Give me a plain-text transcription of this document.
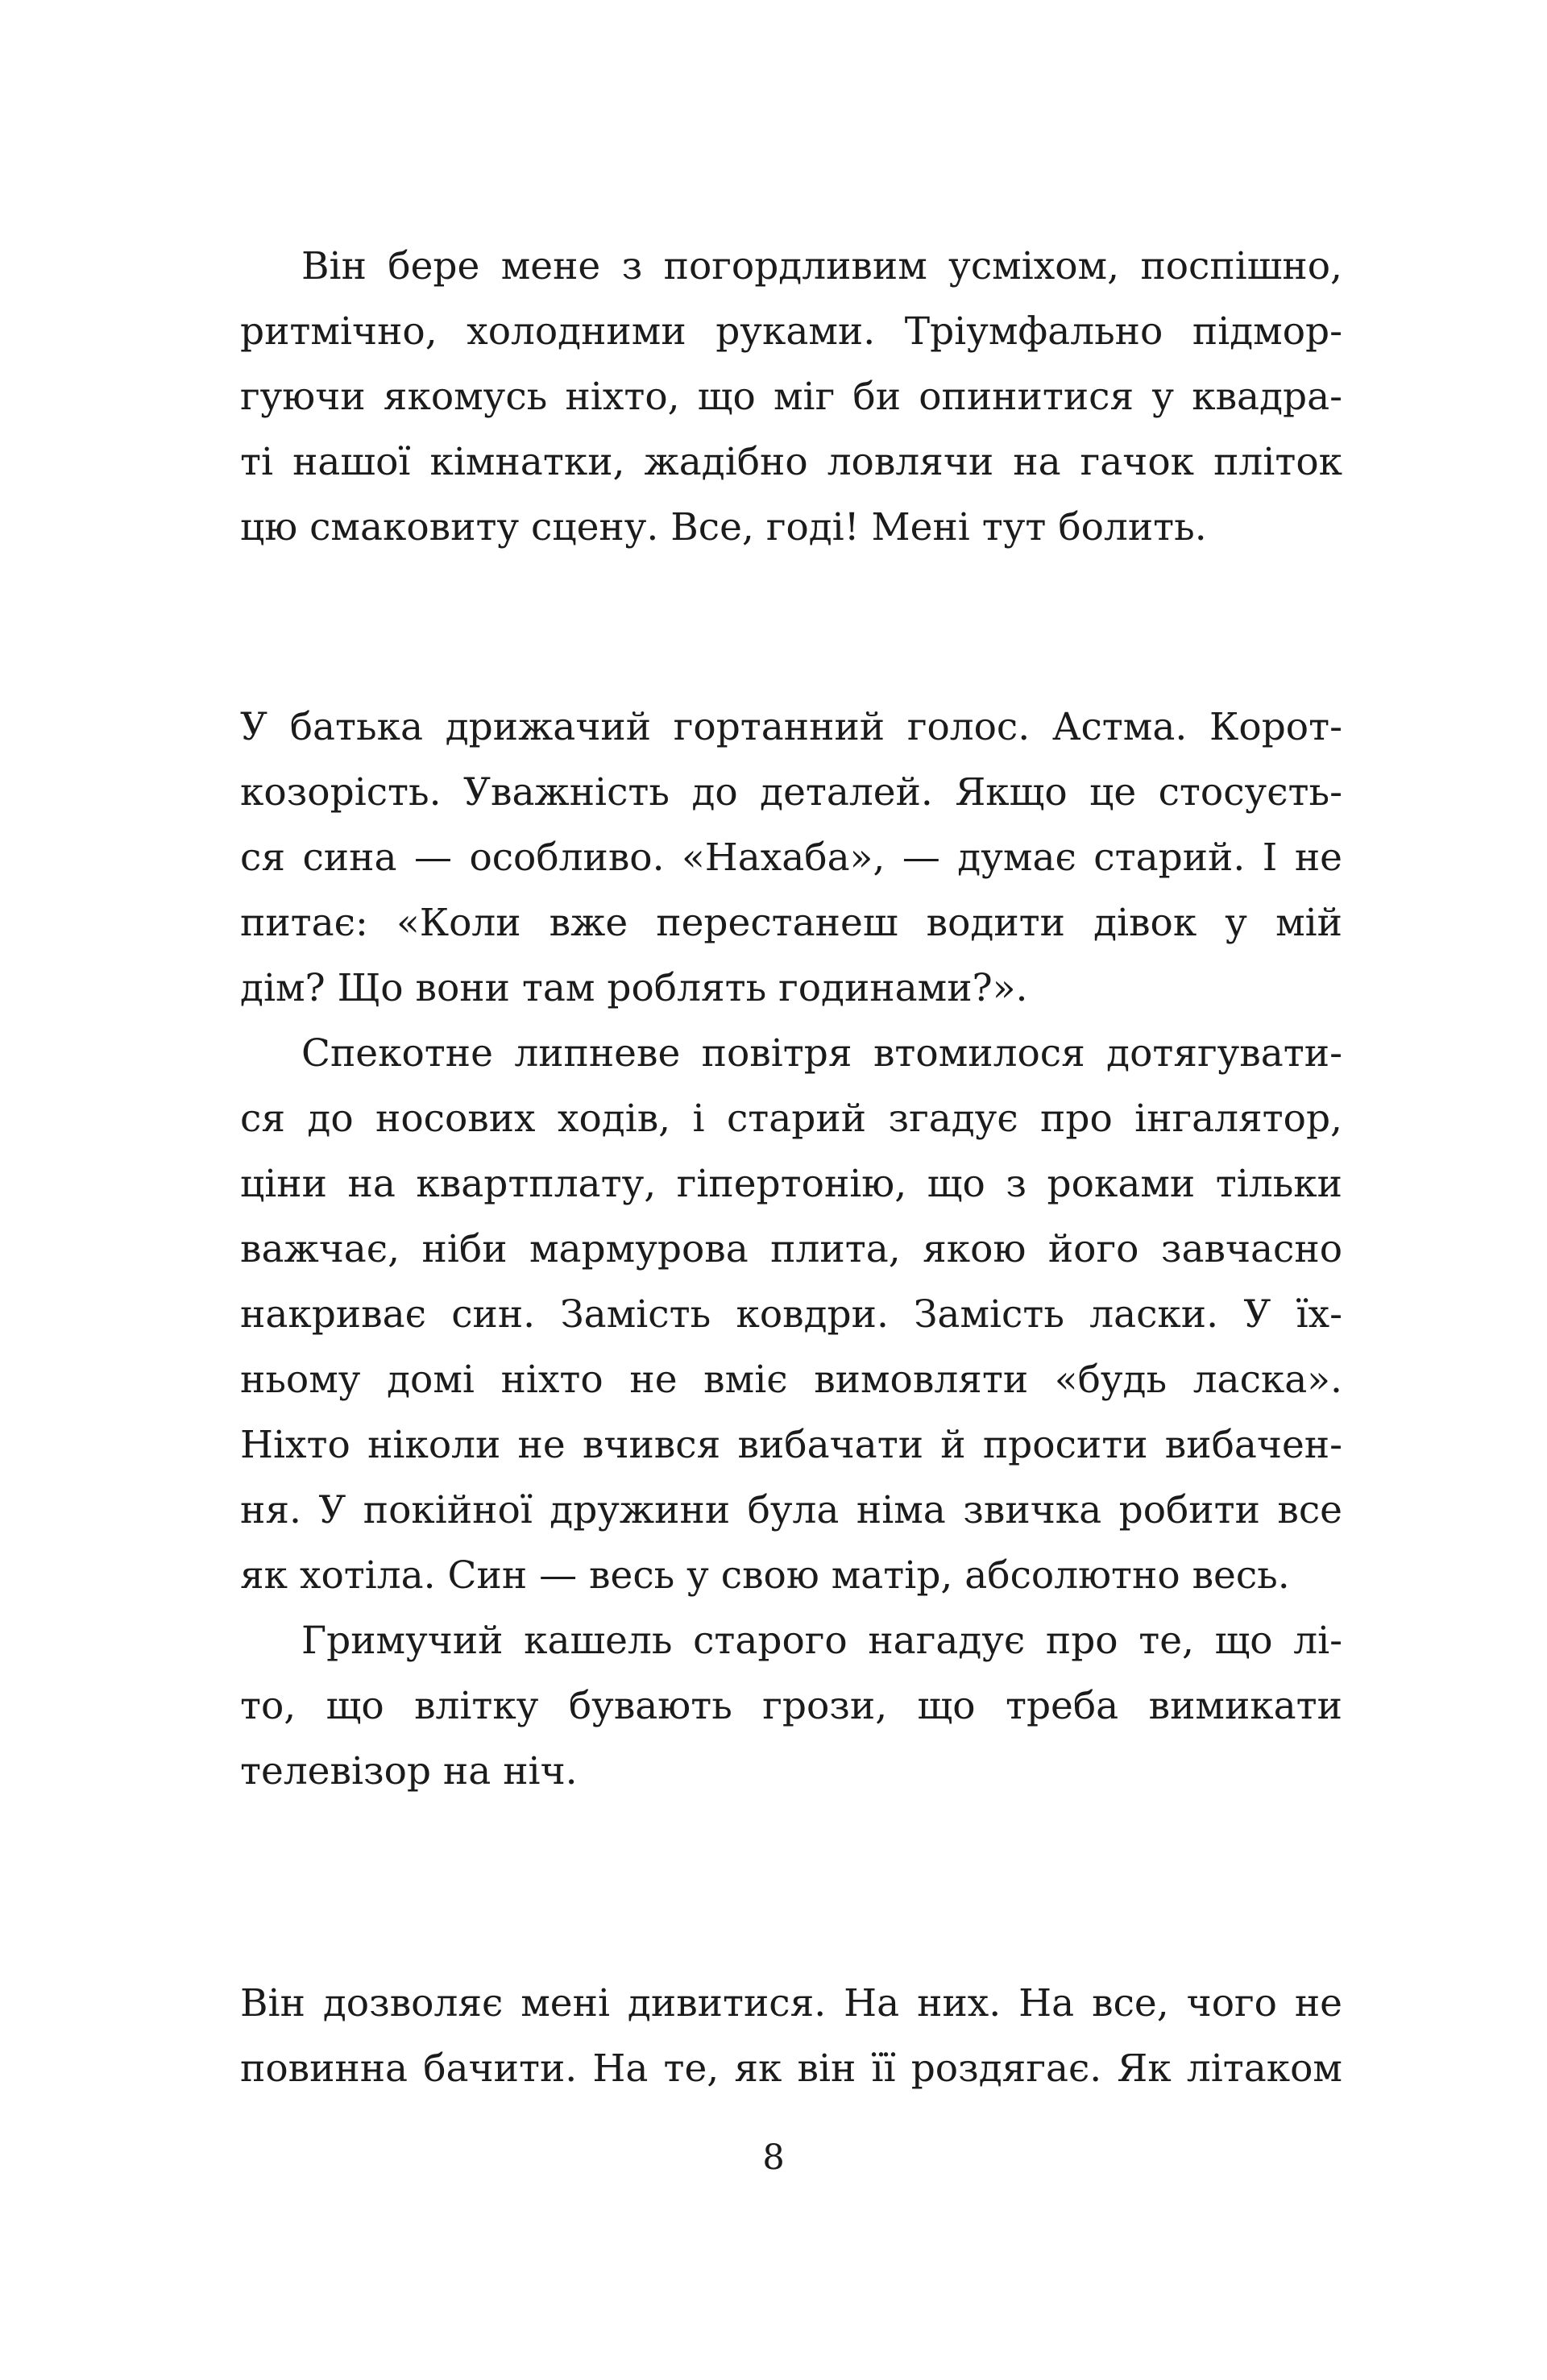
Він бере мене з погордливим усміхом, поспішно,
ритмічно, холодними руками. Тріумфально підмор-
гуючи якомусь ніхто, що міг би опинитися у квадра-
ті нашої кімнатки, жадібно ловлячи на гачок пліток
цю смаковиту сцену. Все, годі! Мені тут болить.
У батька дрижачий гортанний голос. Астма. Корот-
козорість. Уважність до деталей. Якщо це стосуєть-
ся сина — особливо. «Нахаба», — думає старий. І не
питає: «Коли вже перестанеш водити дівок у мій
дім? Що вони там роблять годинами?».
Спекотне липневе повітря втомилося дотягувати-
ся до носових ходів, і старий згадує про інгалятор,
ціни на квартплату, гіпертонію, що з роками тільки
важчає, ніби мармурова плита, якою його завчасно
накриває син. Замість ковдри. Замість ласки. У їх-
ньому домі ніхто не вміє вимовляти «будь ласка».
Ніхто ніколи не вчився вибачати й просити вибачен-
ня. У покійної дружини була німа звичка робити все
як хотіла. Син — весь у свою матір, абсолютно весь.
Гримучий кашель старого нагадує про те, що лі-
то, що влітку бувають грози, що треба вимикати
телевізор на ніч.
Він дозволяє мені дивитися. На них. На все, чого не
повинна бачити. На те, як він її роздягає. Як літаком
8
